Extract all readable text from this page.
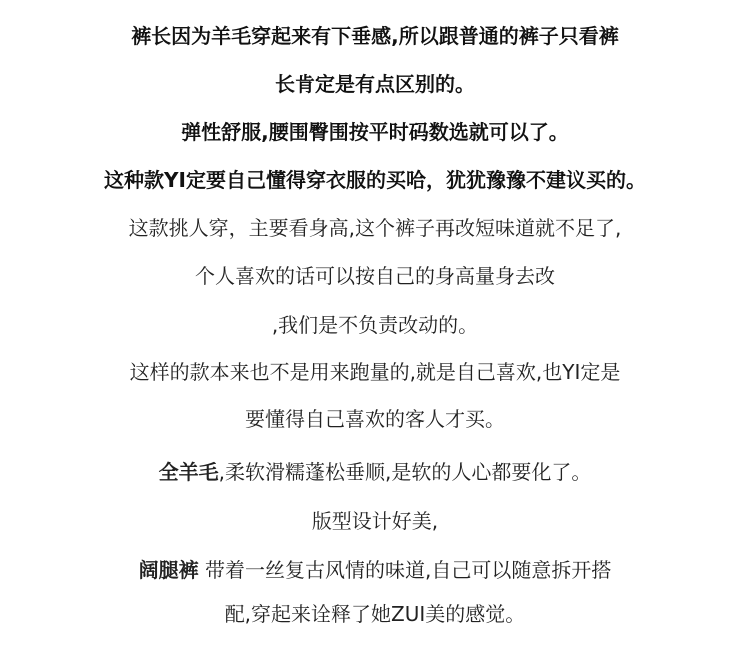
裤长因为羊毛穿起来有下垂感,所以跟普通的裤子只看裤
长肯定是有点区别的。
弹性舒服,腰围臀围按平时码数选就可以了。
这种款YI定要自己懂得穿衣服的买哈，犹犹豫豫不建议买的。
这款挑人穿，主要看身高,这个裤子再改短味道就不足了,
个人喜欢的话可以按自己的身高量身去改
,我们是不负责改动的。
这样的款本来也不是用来跑量的,就是自己喜欢,也YI定是
要懂得自己喜欢的客人才买。
全羊毛,柔软滑糯蓬松垂顺,是软的人心都要化了。
版型设计好美,
阔腿裤 带着一丝复古风情的味道,自己可以随意拆开搭
配,穿起来诠释了她ZUI美的感觉。
